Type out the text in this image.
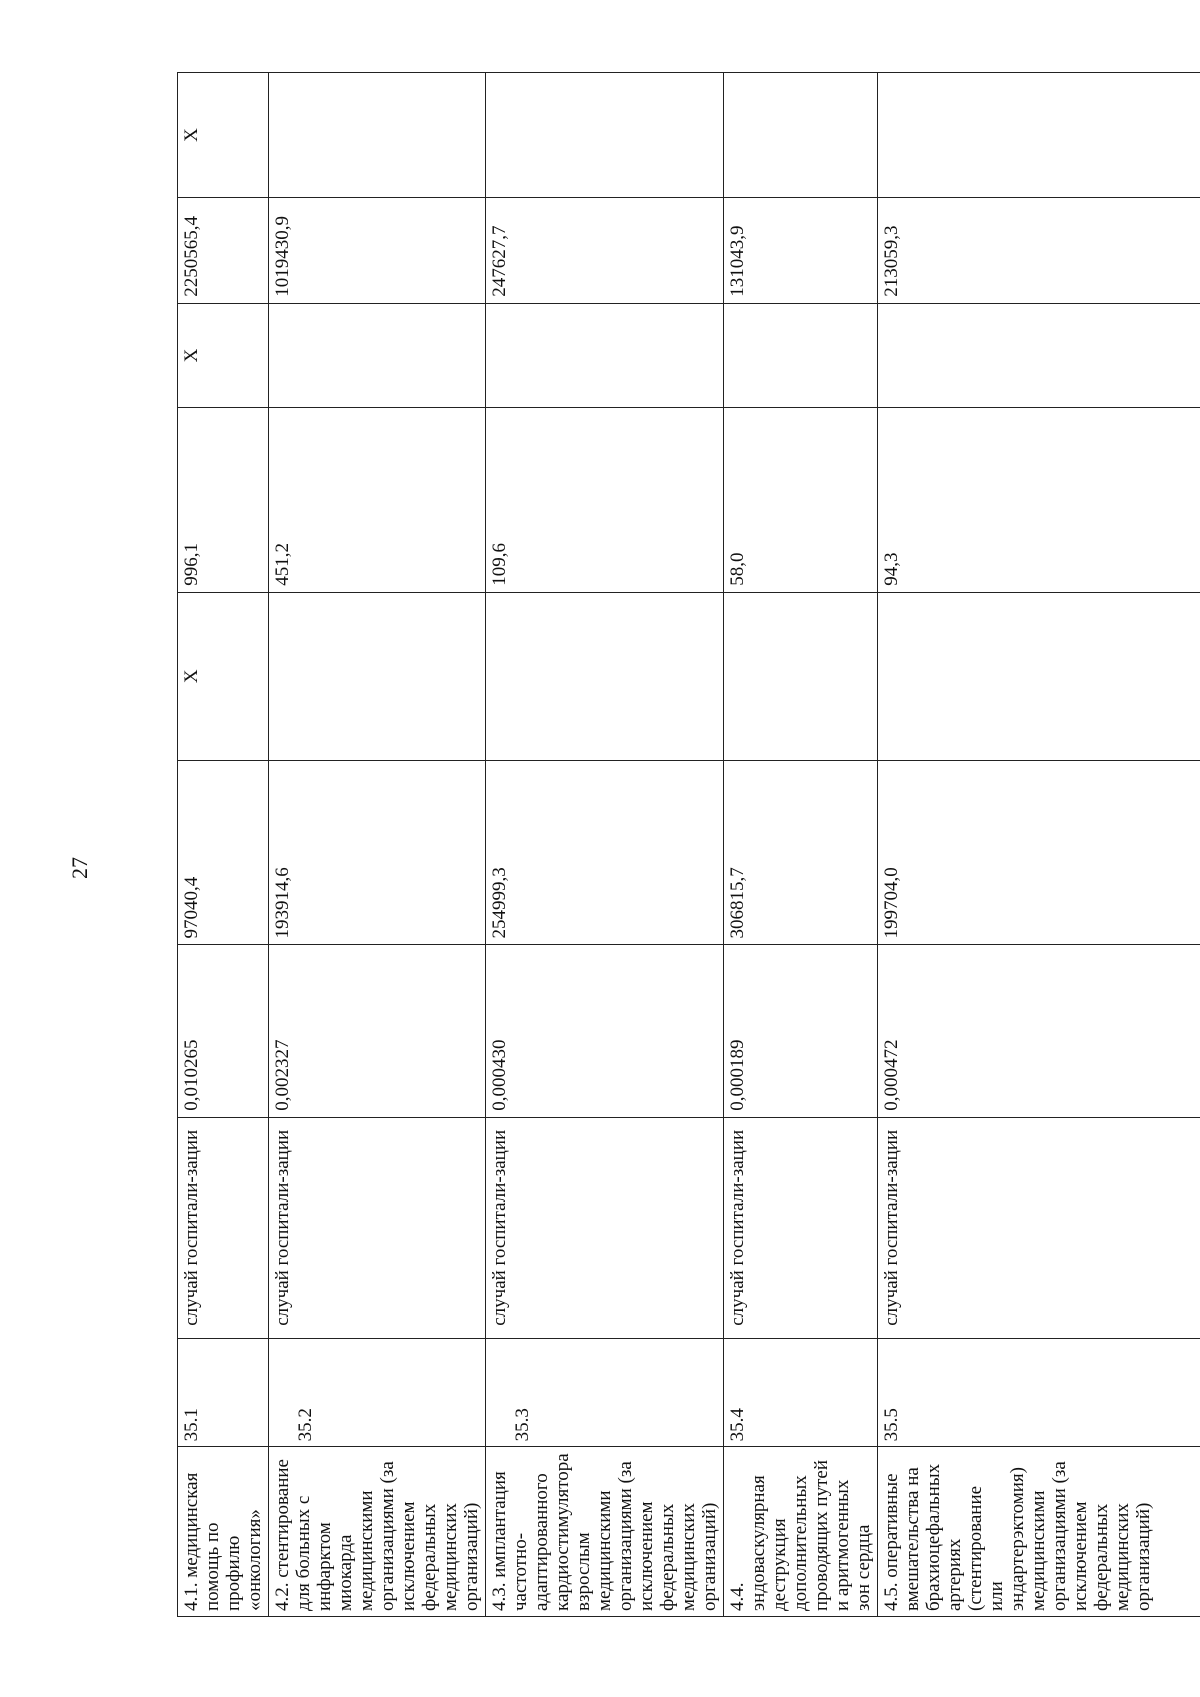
27
4.1. медицинская помощь по профилю «онкология»	35.1	случай госпитали-зации	0,010265	97040,4	X	996,1	X	2250565,4	X
4.2. стентирование для больных с инфарктом миокарда медицинскими организациями (за исключением федеральных медицинских организаций)	35.2	случай госпитали-зации	0,002327	193914,6		451,2		1019430,9	
4.3. имплантация частотно-адаптированного кардиостимулятора взрослым медицинскими организациями (за исключением федеральных медицинских организаций)	35.3	случай госпитали-зации	0,000430	254999,3		109,6		247627,7	
4.4. эндоваскулярная деструкция дополнительных проводящих путей и аритмогенных зон сердца	35.4	случай госпитали-зации	0,000189	306815,7		58,0		131043,9	
4.5. оперативные вмешательства на брахиоцефальных артериях (стентирование или эндартерэктомия) медицинскими организациями (за исключением федеральных медицинских организаций)	35.5	случай госпитали-зации	0,000472	199704,0		94,3		213059,3	
